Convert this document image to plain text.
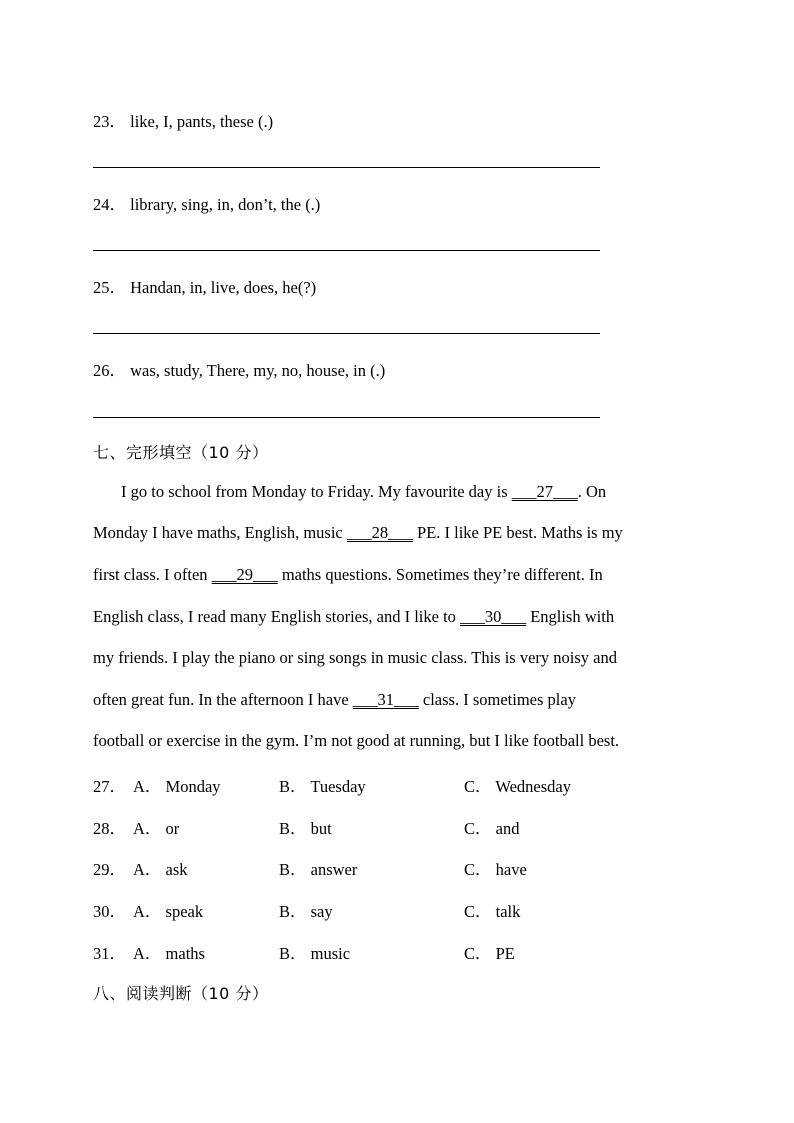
23． like, I, pants, these (.)
24． library, sing, in, don’t, the (.)
25． Handan, in, live, does, he(?)
26． was, study, There, my, no, house, in (.)
七、完形填空（10 分）
I go to school from Monday to Friday. My favourite day is ___27___. On
Monday I have maths, English, music ___28___ PE. I like PE best. Maths is my
first class. I often ___29___ maths questions. Sometimes they’re different. In
English class, I read many English stories, and I like to ___30___ English with
my friends. I play the piano or sing songs in music class. This is very noisy and
often great fun. In the afternoon I have ___31___ class. I sometimes play
football or exercise in the gym. I’m not good at running, but I like football best.
27． A． Monday	B． Tuesday	C． Wednesday
28． A． or	B． but	C． and
29． A． ask	B． answer	C． have
30． A． speak	B． say	C． talk
31． A． maths	B． music	C． PE
八、阅读判断（10 分）
